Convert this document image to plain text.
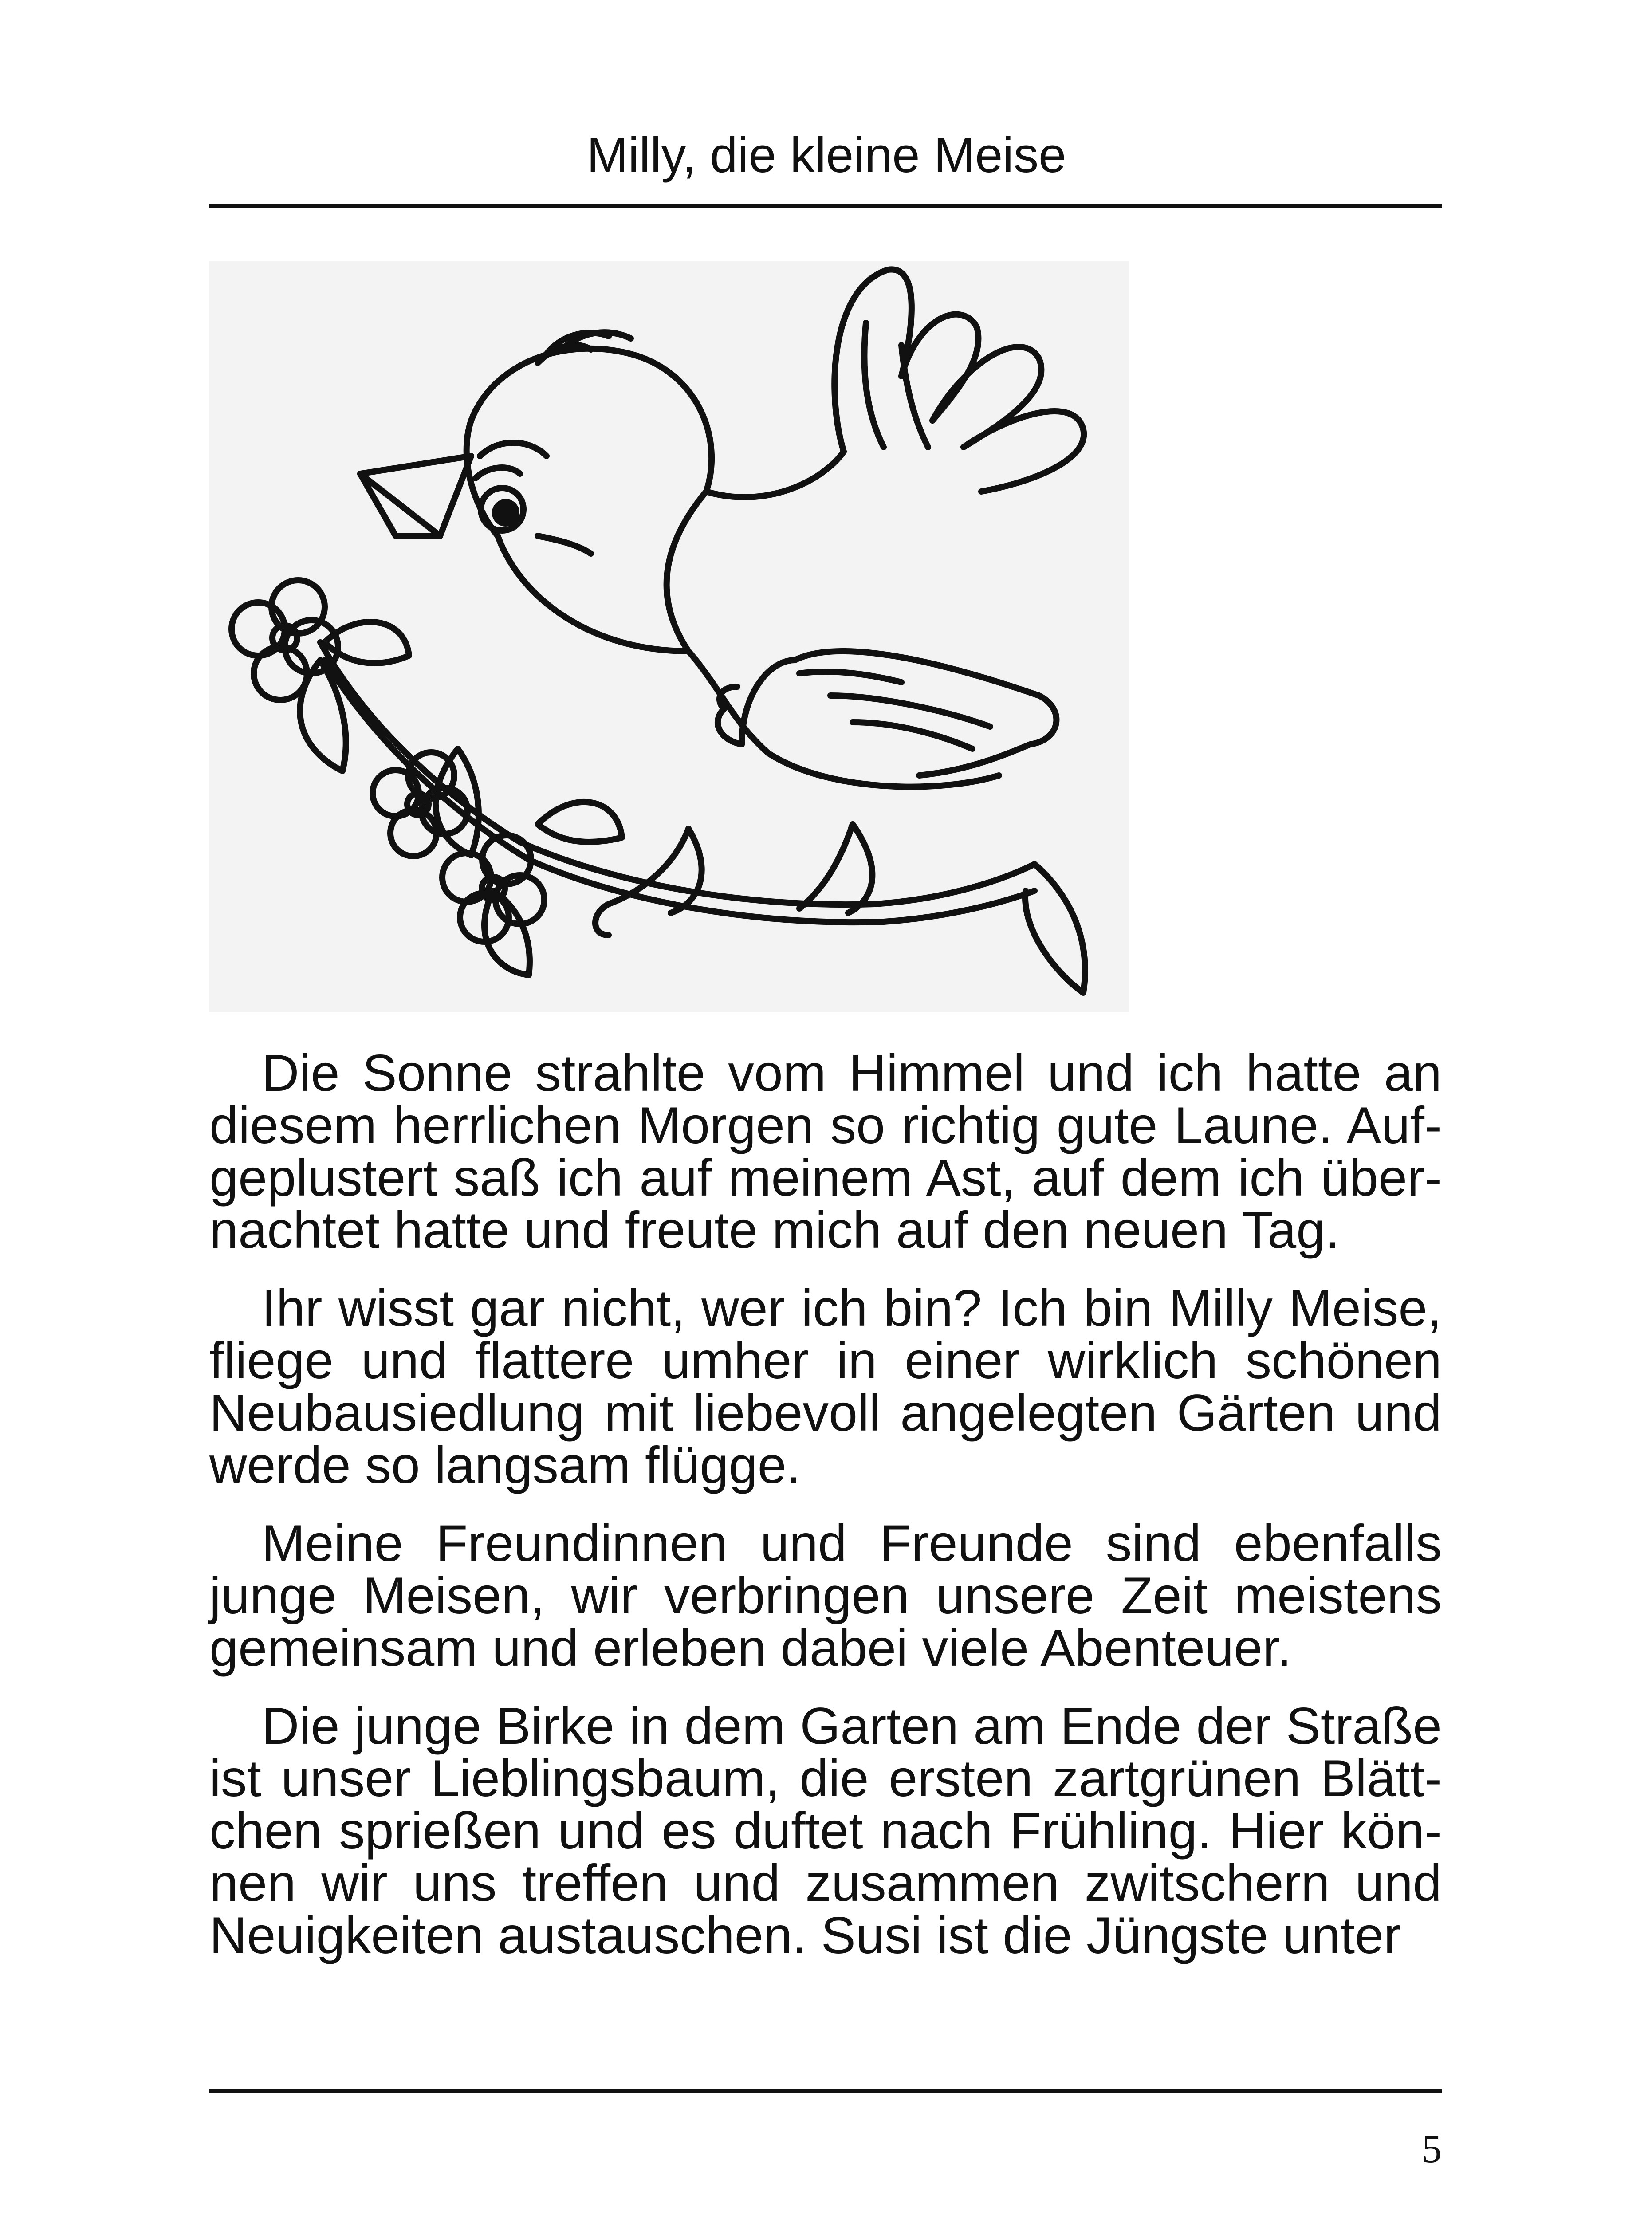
Milly, die kleine Meise

Die Sonne strahlte vom Himmel und ich hatte an diesem herrlichen Morgen so richtig gute Laune. Aufgeplustert saß ich auf meinem Ast, auf dem ich übernachtet hatte und freute mich auf den neuen Tag.

Ihr wisst gar nicht, wer ich bin? Ich bin Milly Meise, fliege und flattere umher in einer wirklich schönen Neubausiedlung mit liebevoll angelegten Gärten und werde so langsam flügge.

Meine Freundinnen und Freunde sind ebenfalls junge Meisen, wir verbringen unsere Zeit meistens gemeinsam und erleben dabei viele Abenteuer.

Die junge Birke in dem Garten am Ende der Straße ist unser Lieblingsbaum, die ersten zartgrünen Blättchen sprießen und es duftet nach Frühling. Hier können wir uns treffen und zusammen zwitschern und Neuigkeiten austauschen. Susi ist die Jüngste unter

5
